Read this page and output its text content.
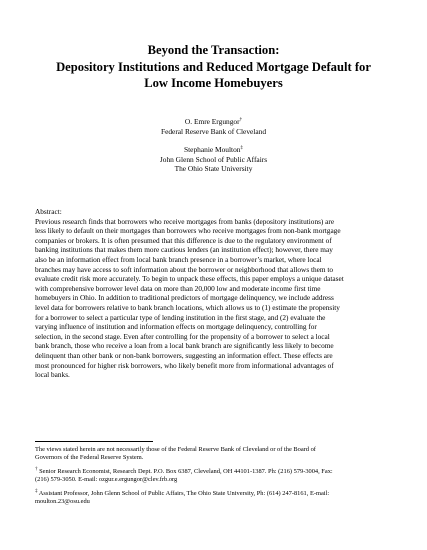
Beyond the Transaction:
Depository Institutions and Reduced Mortgage Default for
Low Income Homebuyers
O. Emre Ergungor†
Federal Reserve Bank of Cleveland
Stephanie Moulton‡
John Glenn School of Public Affairs
The Ohio State University
Abstract:
Previous research finds that borrowers who receive mortgages from banks (depository institutions) are
less likely to default on their mortgages than borrowers who receive mortgages from non-bank mortgage
companies or brokers. It is often presumed that this difference is due to the regulatory environment of
banking institutions that makes them more cautious lenders (an institution effect); however, there may
also be an information effect from local bank branch presence in a borrower’s market, where local
branches may have access to soft information about the borrower or neighborhood that allows them to
evaluate credit risk more accurately. To begin to unpack these effects, this paper employs a unique dataset
with comprehensive borrower level data on more than 20,000 low and moderate income first time
homebuyers in Ohio. In addition to traditional predictors of mortgage delinquency, we include address
level data for borrowers relative to bank branch locations, which allows us to (1) estimate the propensity
for a borrower to select a particular type of lending institution in the first stage, and (2) evaluate the
varying influence of institution and information effects on mortgage delinquency, controlling for
selection, in the second stage. Even after controlling for the propensity of a borrower to select a local
bank branch, those who receive a loan from a local bank branch are significantly less likely to become
delinquent than other bank or non-bank borrowers, suggesting an information effect. These effects are
most pronounced for higher risk borrowers, who likely benefit more from informational advantages of
local banks.
The views stated herein are not necessarily those of the Federal Reserve Bank of Cleveland or of the Board of
Governors of the Federal Reserve System.
† Senior Research Economist, Research Dept. P.O. Box 6387, Cleveland, OH 44101-1387. Ph: (216) 579-3004, Fax:
(216) 579-3050. E-mail: ozgur.e.ergungor@clev.frb.org
‡ Assistant Professor, John Glenn School of Public Affairs, The Ohio State University, Ph: (614) 247-8161, E-mail:
moulton.23@osu.edu
